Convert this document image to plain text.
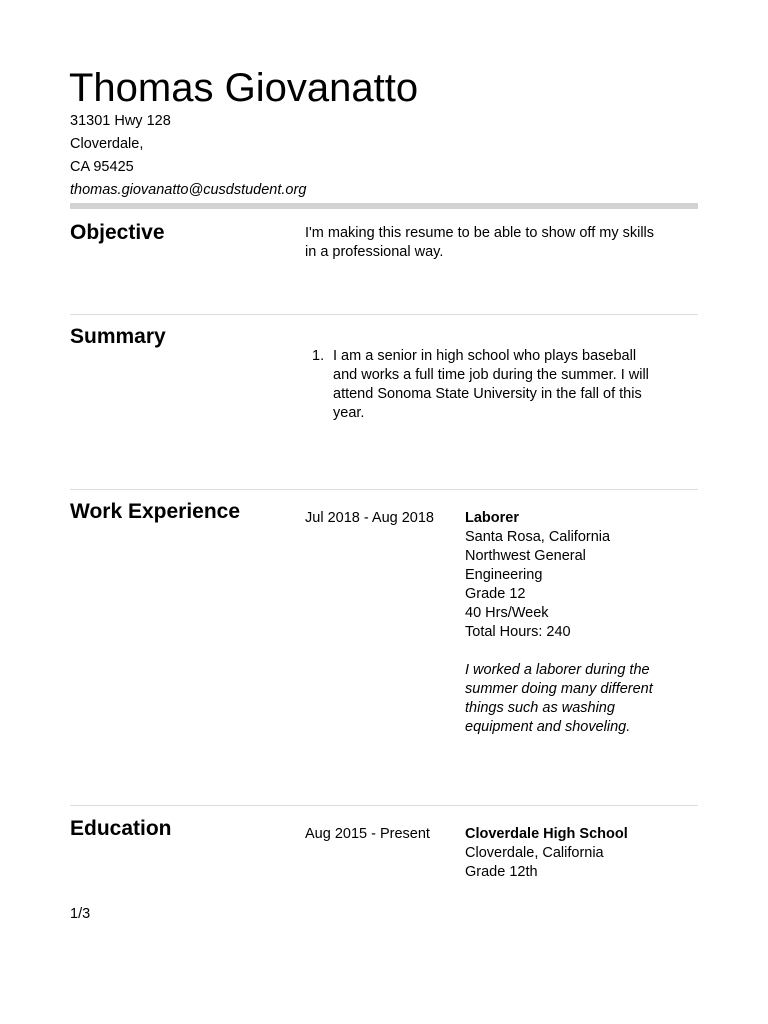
Thomas Giovanatto
31301 Hwy 128
Cloverdale,
CA 95425
thomas.giovanatto@cusdstudent.org
Objective	I'm making this resume to be able to show off my skills in a professional way.
Summary
1. I am a senior in high school who plays baseball and works a full time job during the summer. I will attend Sonoma State University in the fall of this year.
Work Experience	Jul 2018 - Aug 2018 Laborer
Santa Rosa, California
Northwest General
Engineering
Grade 12
40 Hrs/Week
Total Hours: 240
I worked a laborer during the summer doing many different things such as washing equipment and shoveling.
Education	Aug 2015 - Present Cloverdale High School
Cloverdale, California
Grade 12th
1/3
